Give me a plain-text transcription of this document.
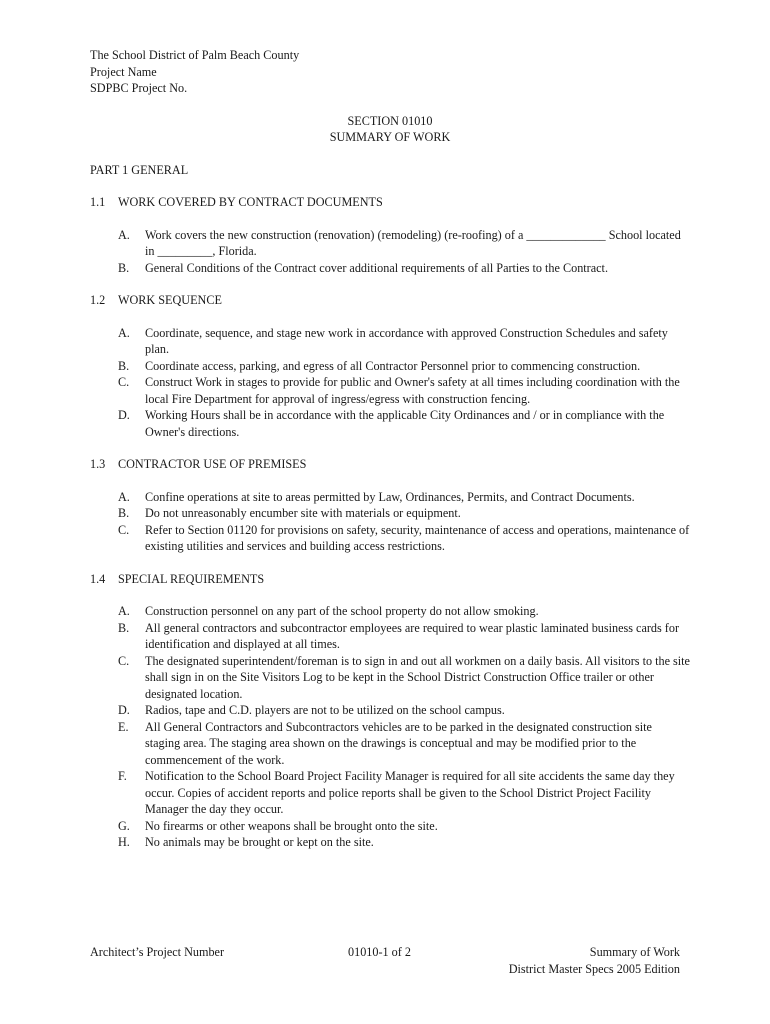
The School District of Palm Beach County
Project Name
SDPBC Project No.
SECTION 01010
SUMMARY OF WORK
PART 1 GENERAL
1.1	WORK COVERED BY CONTRACT DOCUMENTS
A.	Work covers the new construction (renovation) (remodeling) (re-roofing) of a _____________ School located in _________, Florida.
B.	General Conditions of the Contract cover additional requirements of all Parties to the Contract.
1.2	WORK SEQUENCE
A.	Coordinate, sequence, and stage new work in accordance with approved Construction Schedules and safety plan.
B.	Coordinate access, parking, and egress of all Contractor Personnel prior to commencing construction.
C.	Construct Work in stages to provide for public and Owner's safety at all times including coordination with the local Fire Department for approval of ingress/egress with construction fencing.
D.	Working Hours shall be in accordance with the applicable City Ordinances and / or in compliance with the Owner's directions.
1.3	CONTRACTOR USE OF PREMISES
A.	Confine operations at site to areas permitted by Law, Ordinances, Permits, and Contract Documents.
B.	Do not unreasonably encumber site with materials or equipment.
C.	Refer to Section 01120 for provisions on safety, security, maintenance of access and operations, maintenance of existing utilities and services and building access restrictions.
1.4	SPECIAL REQUIREMENTS
A.	Construction personnel on any part of the school property do not allow smoking.
B.	All general contractors and subcontractor employees are required to wear plastic laminated business cards for identification and displayed at all times.
C.	The designated superintendent/foreman is to sign in and out all workmen on a daily basis. All visitors to the site shall sign in on the Site Visitors Log to be kept in the School District Construction Office trailer or other designated location.
D.	Radios, tape and C.D. players are not to be utilized on the school campus.
E.	All General Contractors and Subcontractors vehicles are to be parked in the designated construction site staging area. The staging area shown on the drawings is conceptual and may be modified prior to the commencement of the work.
F.	Notification to the School Board Project Facility Manager is required for all site accidents the same day they occur. Copies of accident reports and police reports shall be given to the School District Project Facility Manager the day they occur.
G.	No firearms or other weapons shall be brought onto the site.
H.	No animals may be brought or kept on the site.
Architect’s Project Number	01010-1 of 2	Summary of Work
District Master Specs 2005 Edition
